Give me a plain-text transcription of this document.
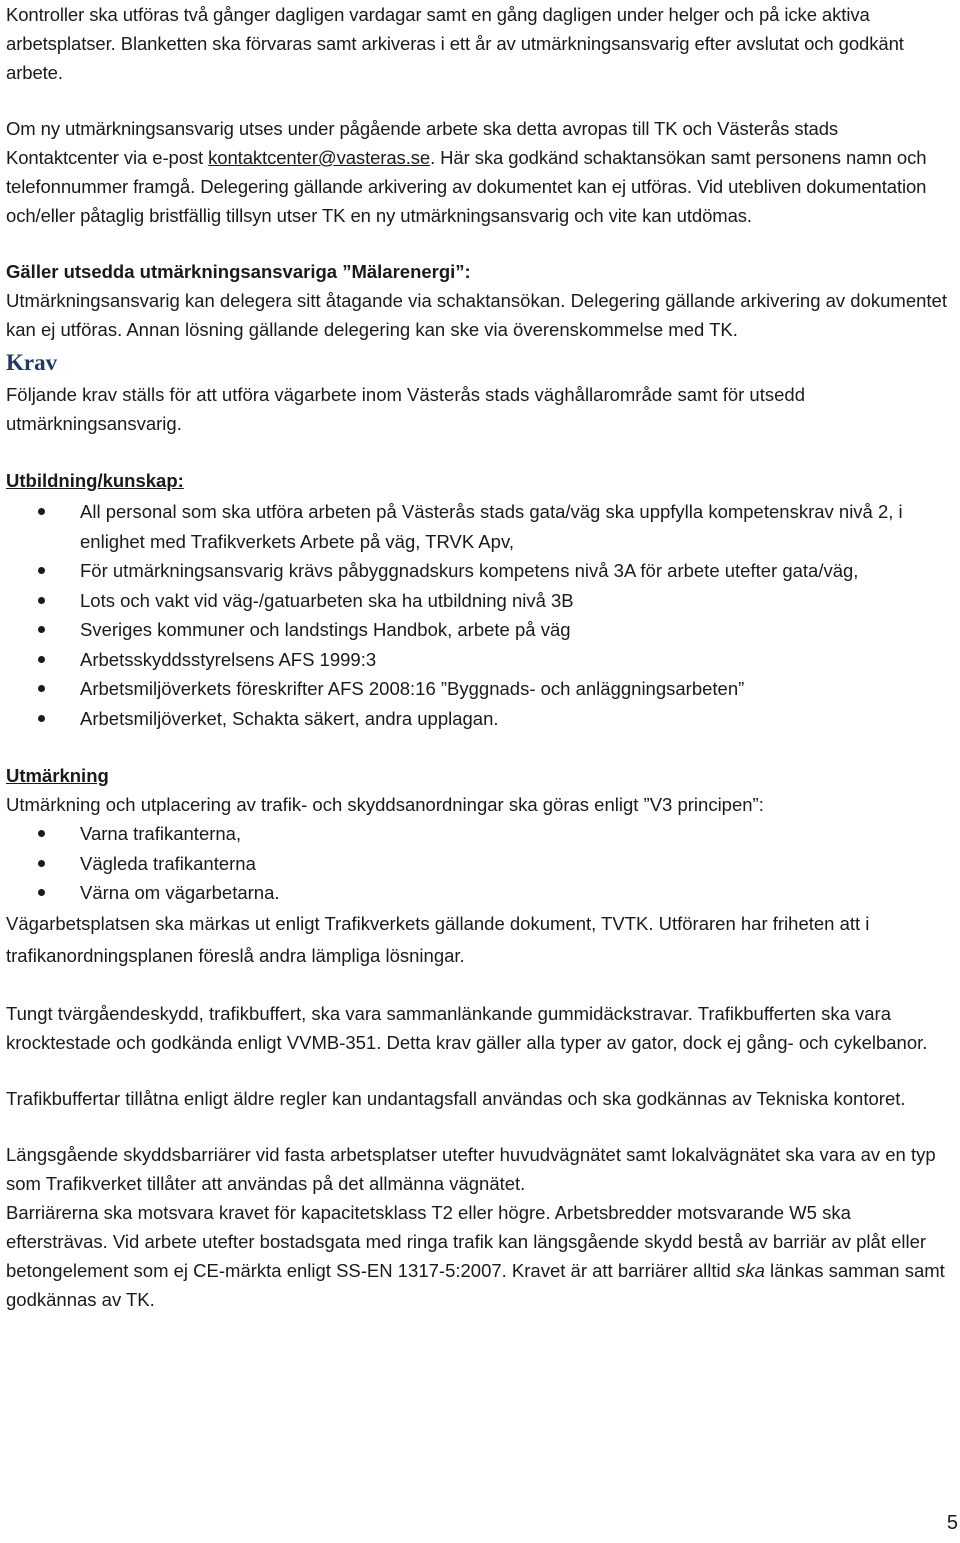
Kontroller ska utföras två gånger dagligen vardagar samt en gång dagligen under helger och på icke aktiva arbetsplatser. Blanketten ska förvaras samt arkiveras i ett år av utmärkningsansvarig efter avslutat och godkänt arbete.

Om ny utmärkningsansvarig utses under pågående arbete ska detta avropas till TK och Västerås stads Kontaktcenter via e-post kontaktcenter@vasteras.se. Här ska godkänd schaktansökan samt personens namn och telefonnummer framgå. Delegering gällande arkivering av dokumentet kan ej utföras. Vid utebliven dokumentation och/eller påtaglig bristfällig tillsyn utser TK en ny utmärkningsansvarig och vite kan utdömas.

Gäller utsedda utmärkningsansvariga ”Mälarenergi”:

Utmärkningsansvarig kan delegera sitt åtagande via schaktansökan. Delegering gällande arkivering av dokumentet kan ej utföras. Annan lösning gällande delegering kan ske via överenskommelse med TK.

Krav

Följande krav ställs för att utföra vägarbete inom Västerås stads väghållarområde samt för utsedd utmärkningsansvarig.

Utbildning/kunskap:

All personal som ska utföra arbeten på Västerås stads gata/väg ska uppfylla kompetenskrav nivå 2, i enlighet med Trafikverkets Arbete på väg, TRVK Apv,
För utmärkningsansvarig krävs påbyggnadskurs kompetens nivå 3A för arbete utefter gata/väg,
Lots och vakt vid väg-/gatuarbeten ska ha utbildning nivå 3B
Sveriges kommuner och landstings Handbok, arbete på väg
Arbetsskyddsstyrelsens AFS 1999:3
Arbetsmiljöverkets föreskrifter AFS 2008:16 ”Byggnads- och anläggningsarbeten”
Arbetsmiljöverket, Schakta säkert, andra upplagan.

Utmärkning

Utmärkning och utplacering av trafik- och skyddsanordningar ska göras enligt ”V3 principen”:

Varna trafikanterna,
Vägleda trafikanterna
Värna om vägarbetarna.

Vägarbetsplatsen ska märkas ut enligt Trafikverkets gällande dokument, TVTK. Utföraren har friheten att i trafikanordningsplanen föreslå andra lämpliga lösningar.

Tungt tvärgåendeskydd, trafikbuffert, ska vara sammanlänkande gummidäckstravar. Trafikbufferten ska vara krocktestade och godkända enligt VVMB-351. Detta krav gäller alla typer av gator, dock ej gång- och cykelbanor.

Trafikbuffertar tillåtna enligt äldre regler kan undantagsfall användas och ska godkännas av Tekniska kontoret.

Längsgående skyddsbarriärer vid fasta arbetsplatser utefter huvudvägnätet samt lokalvägnätet ska vara av en typ som Trafikverket tillåter att användas på det allmänna vägnätet.

Barriärerna ska motsvara kravet för kapacitetsklass T2 eller högre. Arbetsbredder motsvarande W5 ska eftersträvas. Vid arbete utefter bostadsgata med ringa trafik kan längsgående skydd bestå av barriär av plåt eller betongelement som ej CE-märkta enligt SS-EN 1317-5:2007. Kravet är att barriärer alltid ska länkas samman samt godkännas av TK.

5
